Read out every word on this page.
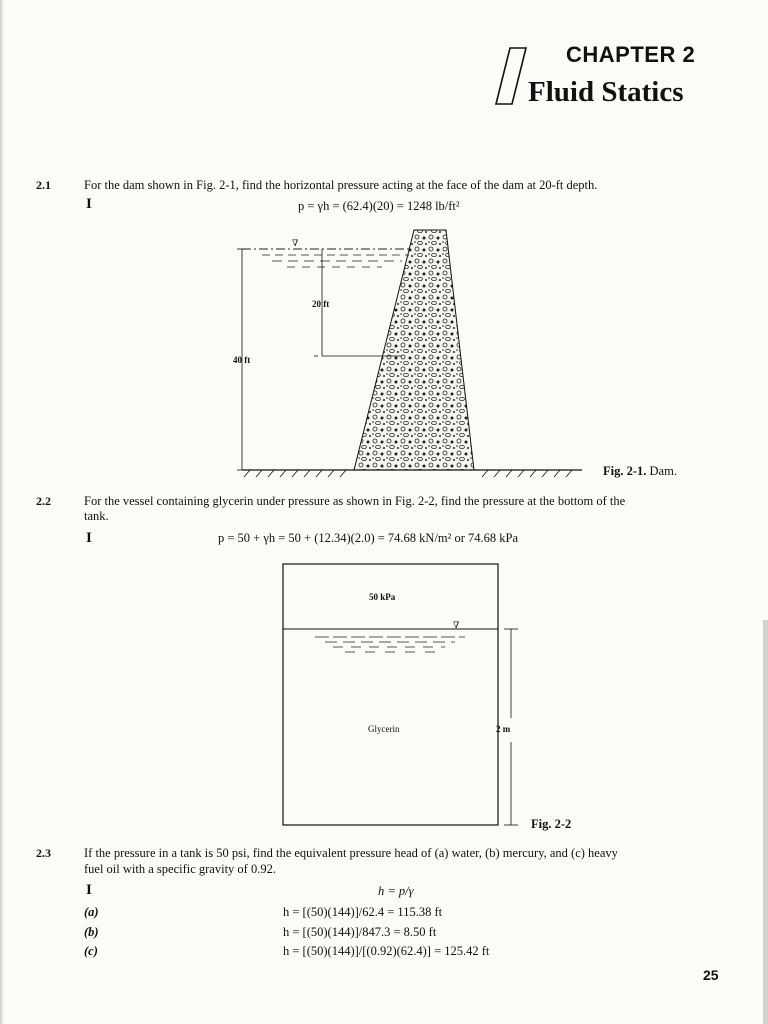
CHAPTER 2
Fluid Statics
2.1	For the dam shown in Fig. 2-1, find the horizontal pressure acting at the face of the dam at 20-ft depth.
I	p = γh = (62.4)(20) = 1248 lb/ft²
∇
20 ft
40 ft
Fig. 2-1. Dam.
2.2	For the vessel containing glycerin under pressure as shown in Fig. 2-2, find the pressure at the bottom of the
tank.
I	p = 50 + γh = 50 + (12.34)(2.0) = 74.68 kN/m² or 74.68 kPa
50 kPa
∇
Glycerin	2 m
Fig. 2-2
2.3	If the pressure in a tank is 50 psi, find the equivalent pressure head of (a) water, (b) mercury, and (c) heavy
fuel oil with a specific gravity of 0.92.
I	h = p/γ
(a)	h = [(50)(144)]/62.4 = 115.38 ft
(b)	h = [(50)(144)]/847.3 = 8.50 ft
(c)	h = [(50)(144)]/[(0.92)(62.4)] = 125.42 ft
25
